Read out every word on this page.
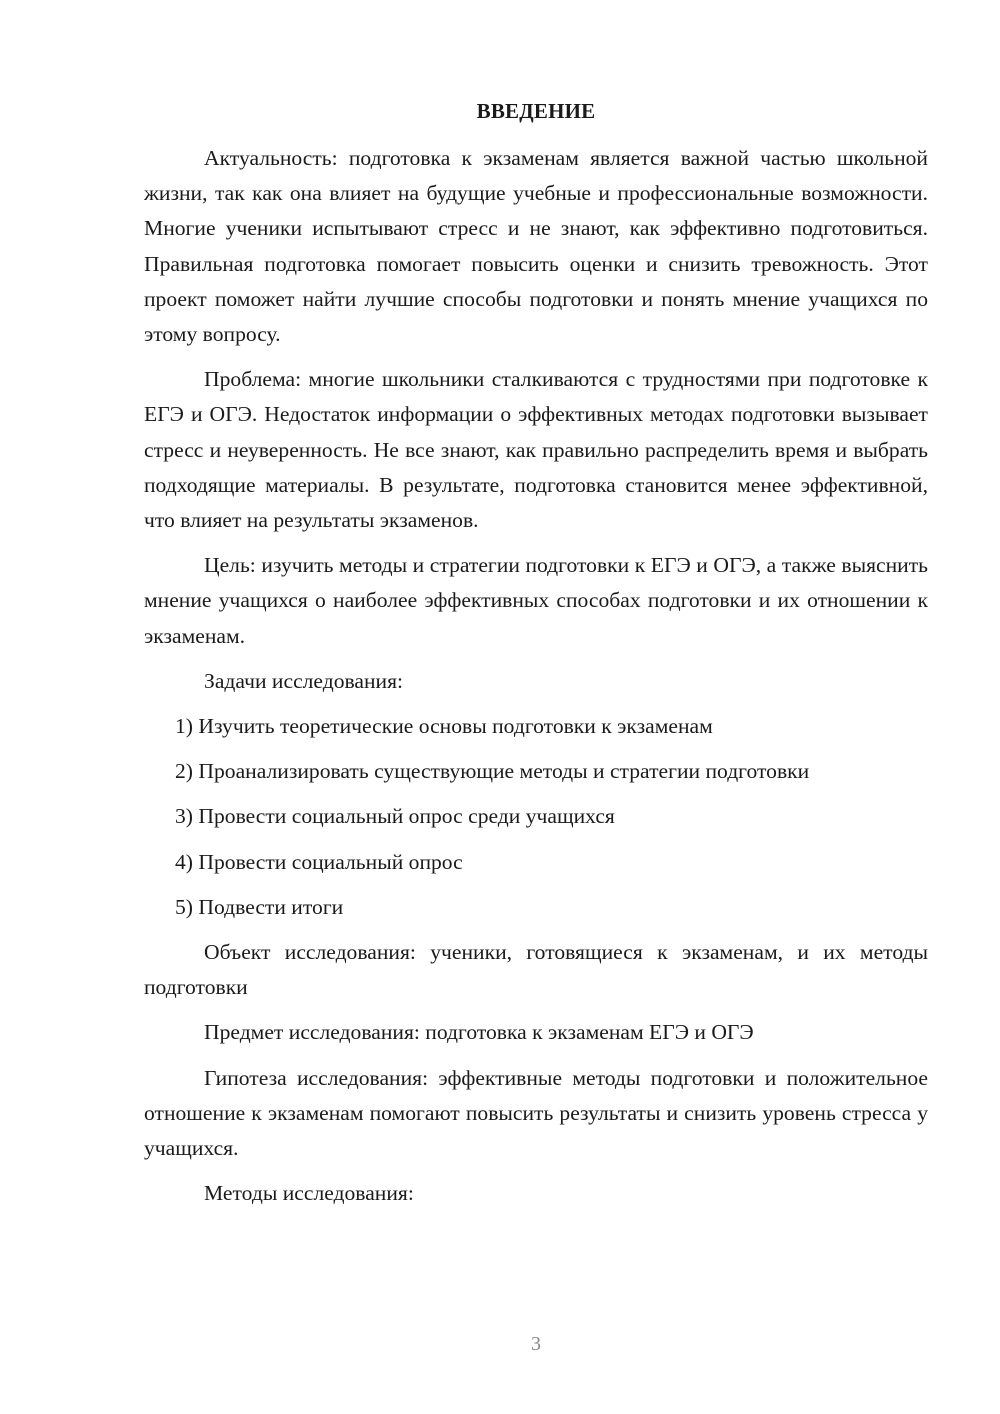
ВВЕДЕНИЕ

Актуальность: подготовка к экзаменам является важной частью школьной жизни, так как она влияет на будущие учебные и профессиональные возможности. Многие ученики испытывают стресс и не знают, как эффективно подготовиться. Правильная подготовка помогает повысить оценки и снизить тревожность. Этот проект поможет найти лучшие способы подготовки и понять мнение учащихся по этому вопросу.

Проблема: многие школьники сталкиваются с трудностями при подготовке к ЕГЭ и ОГЭ. Недостаток информации о эффективных методах подготовки вызывает стресс и неуверенность. Не все знают, как правильно распределить время и выбрать подходящие материалы. В результате, подготовка становится менее эффективной, что влияет на результаты экзаменов.

Цель: изучить методы и стратегии подготовки к ЕГЭ и ОГЭ, а также выяснить мнение учащихся о наиболее эффективных способах подготовки и их отношении к экзаменам.

Задачи исследования:

1) Изучить теоретические основы подготовки к экзаменам

2) Проанализировать существующие методы и стратегии подготовки

3) Провести социальный опрос среди учащихся

4) Провести социальный опрос

5) Подвести итоги

Объект исследования: ученики, готовящиеся к экзаменам, и их методы подготовки

Предмет исследования: подготовка к экзаменам ЕГЭ и ОГЭ

Гипотеза исследования: эффективные методы подготовки и положительное отношение к экзаменам помогают повысить результаты и снизить уровень стресса у учащихся.

Методы исследования:

3
